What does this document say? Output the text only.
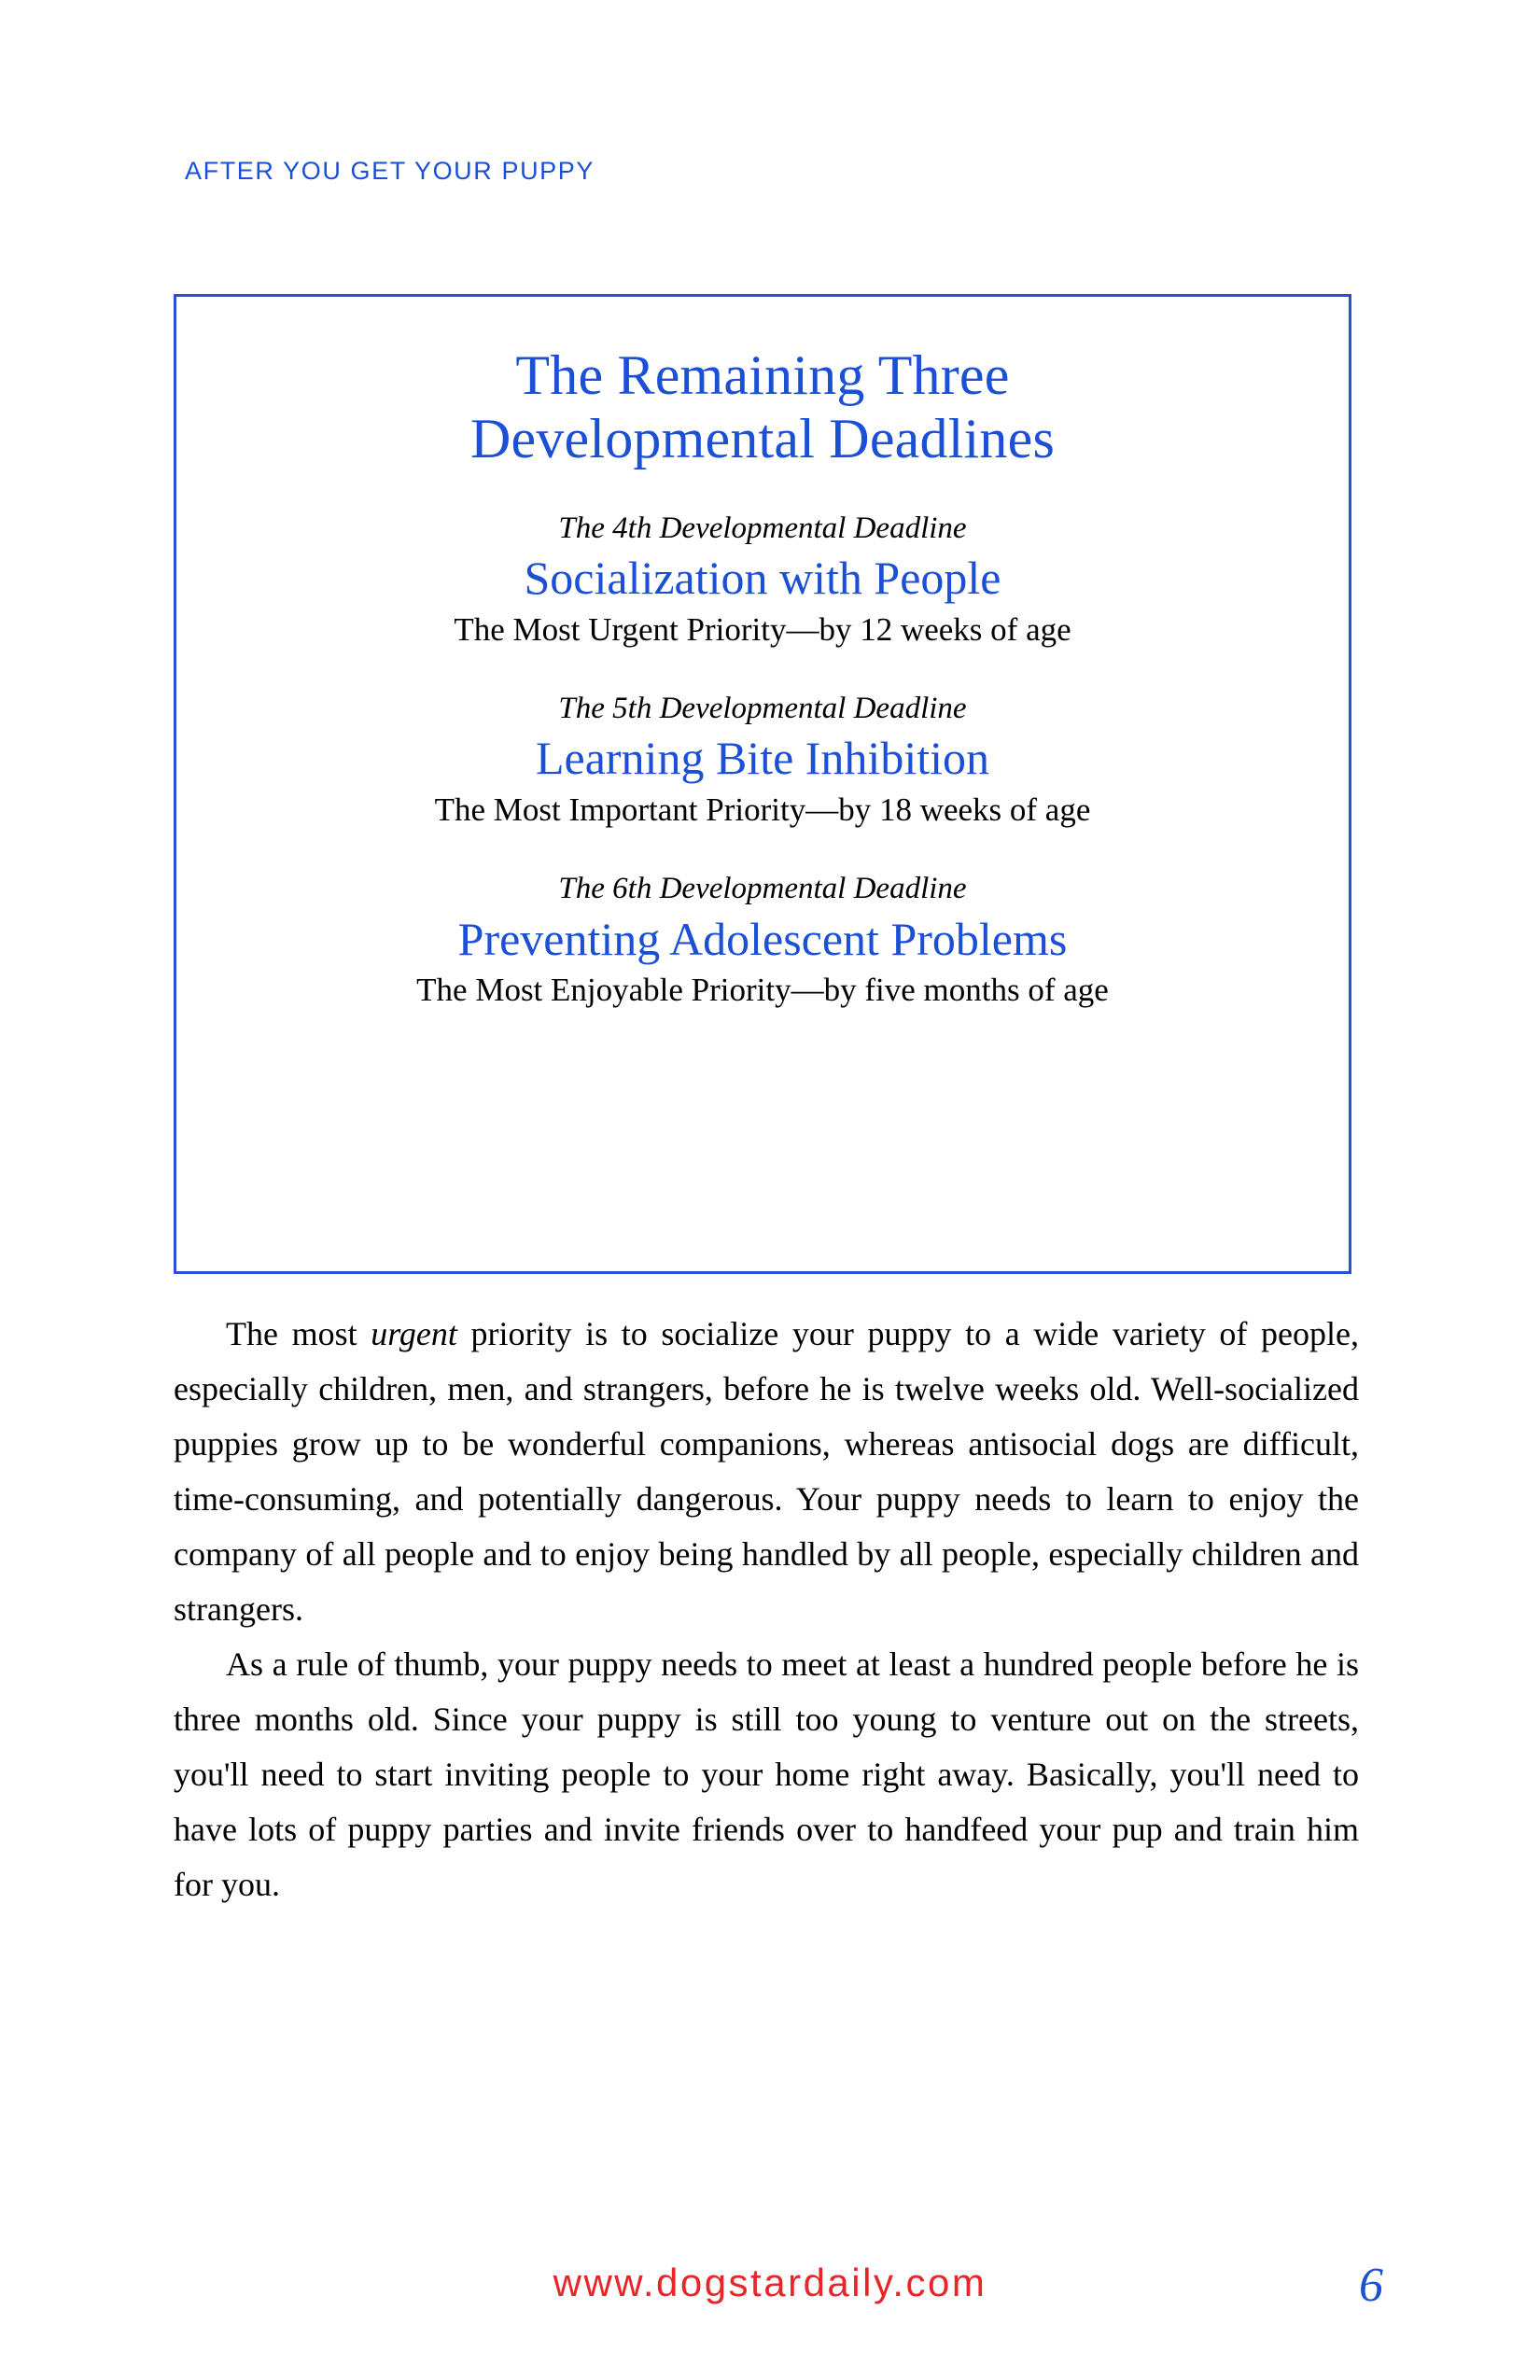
AFTER YOU GET YOUR PUPPY
The Remaining Three
Developmental Deadlines
The 4th Developmental Deadline
Socialization with People
The Most Urgent Priority—by 12 weeks of age
The 5th Developmental Deadline
Learning Bite Inhibition
The Most Important Priority—by 18 weeks of age
The 6th Developmental Deadline
Preventing Adolescent Problems
The Most Enjoyable Priority—by five months of age

The most urgent priority is to socialize your puppy to a wide variety of people, especially children, men, and strangers, before he is twelve weeks old. Well-socialized puppies grow up to be wonderful companions, whereas antisocial dogs are difficult, time-consuming, and potentially dangerous. Your puppy needs to learn to enjoy the company of all people and to enjoy being handled by all people, especially children and strangers.

As a rule of thumb, your puppy needs to meet at least a hundred people before he is three months old. Since your puppy is still too young to venture out on the streets, you'll need to start inviting people to your home right away. Basically, you'll need to have lots of puppy parties and invite friends over to handfeed your pup and train him for you.

www.dogstardaily.com	6
